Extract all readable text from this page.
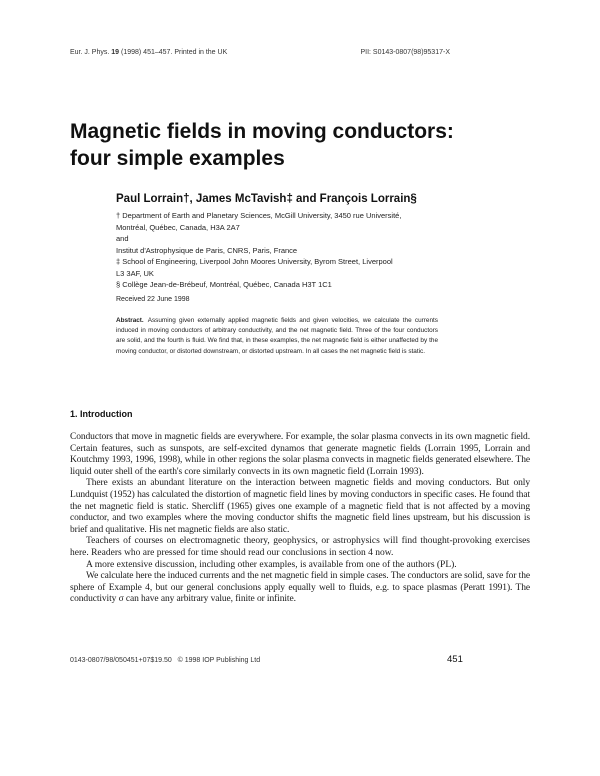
Eur. J. Phys. 19 (1998) 451–457. Printed in the UK	PII: S0143-0807(98)95317-X
Magnetic fields in moving conductors:
four simple examples
Paul Lorrain†, James McTavish‡ and François Lorrain§
† Department of Earth and Planetary Sciences, McGill University, 3450 rue Université,
Montréal, Québec, Canada, H3A 2A7
and
Institut d'Astrophysique de Paris, CNRS, Paris, France
‡ School of Engineering, Liverpool John Moores University, Byrom Street, Liverpool
L3 3AF, UK
§ Collège Jean-de-Brébeuf, Montréal, Québec, Canada H3T 1C1
Received 22 June 1998

Abstract. Assuming given externally applied magnetic fields and given velocities, we calculate the currents induced in moving conductors of arbitrary conductivity, and the net magnetic field. Three of the four conductors are solid, and the fourth is fluid. We find that, in these examples, the net magnetic field is either unaffected by the moving conductor, or distorted downstream, or distorted upstream. In all cases the net magnetic field is static.

1. Introduction

Conductors that move in magnetic fields are everywhere. For example, the solar plasma convects in its own magnetic field. Certain features, such as sunspots, are self-excited dynamos that generate magnetic fields (Lorrain 1995, Lorrain and Koutchmy 1993, 1996, 1998), while in other regions the solar plasma convects in magnetic fields generated elsewhere. The liquid outer shell of the earth's core similarly convects in its own magnetic field (Lorrain 1993).

There exists an abundant literature on the interaction between magnetic fields and moving conductors. But only Lundquist (1952) has calculated the distortion of magnetic field lines by moving conductors in specific cases. He found that the net magnetic field is static. Shercliff (1965) gives one example of a magnetic field that is not affected by a moving conductor, and two examples where the moving conductor shifts the magnetic field lines upstream, but his discussion is brief and qualitative. His net magnetic fields are also static.

Teachers of courses on electromagnetic theory, geophysics, or astrophysics will find thought-provoking exercises here. Readers who are pressed for time should read our conclusions in section 4 now.

A more extensive discussion, including other examples, is available from one of the authors (PL).

We calculate here the induced currents and the net magnetic field in simple cases. The conductors are solid, save for the sphere of Example 4, but our general conclusions apply equally well to fluids, e.g. to space plasmas (Peratt 1991). The conductivity σ can have any arbitrary value, finite or infinite.

0143-0807/98/050451+07$19.50 © 1998 IOP Publishing Ltd	451
